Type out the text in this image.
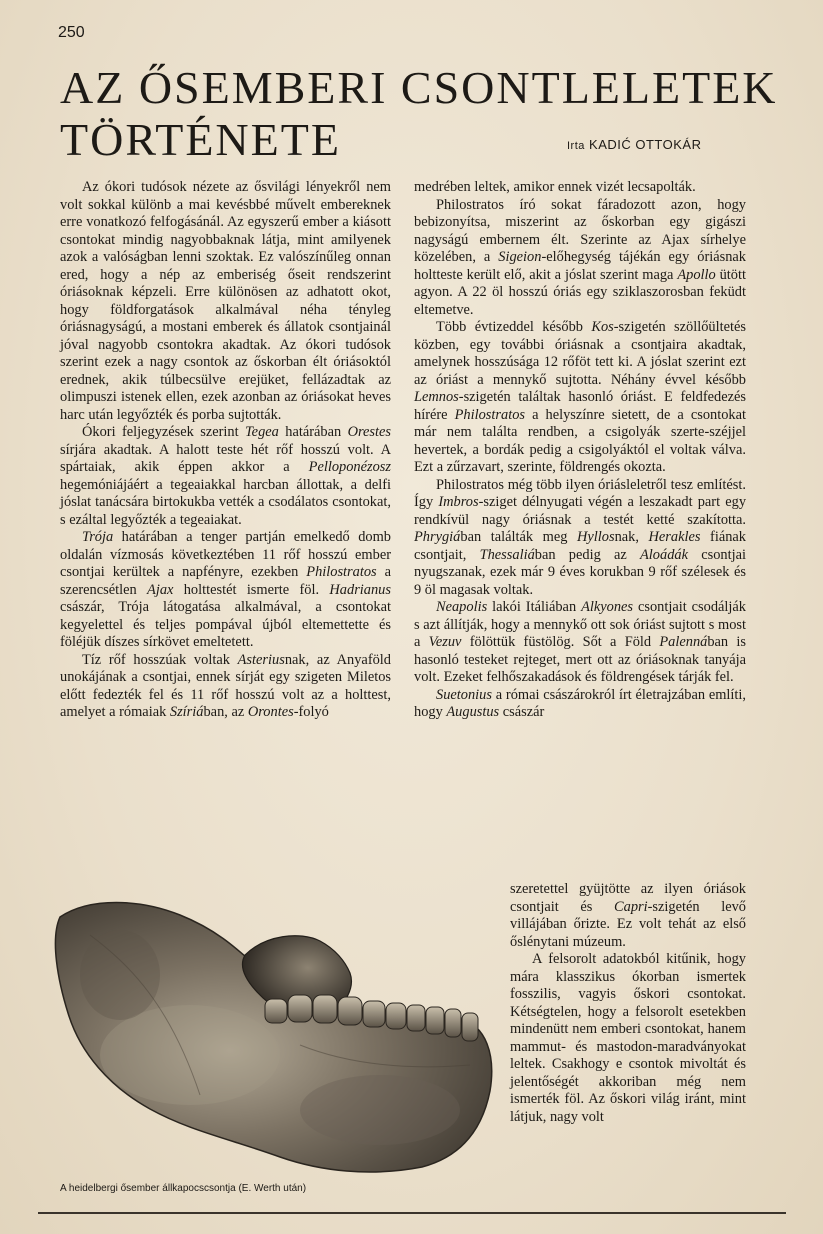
250
AZ ŐSEMBERI CSONTLELETEK
TÖRTÉNETE	Irta KADIĆ OTTOKÁR

Az ókori tudósok nézete az ősvilági lényekről nem volt sokkal különb a mai kevésbbé művelt embereknek erre vonatkozó felfogásánál. Az egyszerű ember a kiásott csontokat mindig nagyobbaknak látja, mint amilyenek azok a valóságban lenni szoktak. Ez valószínűleg onnan ered, hogy a nép az emberiség őseit rendszerint óriásoknak képzeli. Erre különösen az adhatott okot, hogy földforgatások alkalmával néha tényleg óriásnagyságú, a mostani emberek és állatok csontjainál jóval nagyobb csontokra akadtak. Az ókori tudósok szerint ezek a nagy csontok az őskorban élt óriásoktól erednek, akik túlbecsülve erejüket, fellázadtak az olimpuszi istenek ellen, ezek azonban az óriásokat heves harc után legyőzték és porba sujtották.

Ókori feljegyzések szerint Tegea határában Orestes sírjára akadtak. A halott teste hét rőf hosszú volt. A spártaiak, akik éppen akkor a Pelloponézosz hegemóniájáért a tegeaiakkal harcban állottak, a delfi jóslat tanácsára birtokukba vették a csodálatos csontokat, s ezáltal legyőzték a tegeaiakat.

Trója határában a tenger partján emelkedő domb oldalán vízmosás következtében 11 rőf hosszú ember csontjai kerültek a napfényre, ezekben Philostratos a szerencsétlen Ajax holttestét ismerte föl. Hadrianus császár, Trója látogatása alkalmával, a csontokat kegyelettel és teljes pompával újból eltemettette és föléjük díszes sírkövet emeltetett.

Tíz rőf hosszúak voltak Asteriusnak, az Anyaföld unokájának a csontjai, ennek sírját egy szigeten Miletos előtt fedezték fel és 11 rőf hosszú volt az a holttest, amelyet a rómaiak Szíriában, az Orontes-folyó

medrében leltek, amikor ennek vizét lecsapolták.

Philostratos író sokat fáradozott azon, hogy bebizonyítsa, miszerint az őskorban egy gigászi nagyságú embernem élt. Szerinte az Ajax sírhelye közelében, a Sigeion-előhegység tájékán egy óriásnak holtteste került elő, akit a jóslat szerint maga Apollo ütött agyon. A 22 öl hosszú óriás egy sziklaszorosban feküdt eltemetve.

Több évtizeddel később Kos-szigetén szöllőültetés közben, egy további óriásnak a csontjaira akadtak, amelynek hosszúsága 12 rőföt tett ki. A jóslat szerint ezt az óriást a mennykő sujtotta. Néhány évvel később Lemnos-szigetén találtak hasonló óriást. E feldfedezés hírére Philostratos a helyszínre sietett, de a csontokat már nem találta rendben, a csigolyák szerte-széjjel hevertek, a bordák pedig a csigolyáktól el voltak válva. Ezt a zűrzavart, szerinte, földrengés okozta.

Philostratos még több ilyen óriásleletről tesz említést. Így Imbros-sziget délnyugati végén a leszakadt part egy rendkívül nagy óriásnak a testét ketté szakította. Phrygiában találták meg Hyllosnak, Herakles fiának csontjait, Thessaliában pedig az Aloádák csontjai nyugszanak, ezek már 9 éves korukban 9 rőf szélesek és 9 öl magasak voltak.

Neapolis lakói Itáliában Alkyones csontjait csodálják s azt állítják, hogy a mennykő ott sok óriást sujtott s most a Vezuv fölöttük füstölög. Sőt a Föld Palennában is hasonló testeket rejteget, mert ott az óriásoknak tanyája volt. Ezeket felhőszakadások és földrengések tárják fel.

Suetonius a római császárokról írt életrajzában említi, hogy Augustus császár

szeretettel gyüjtötte az ilyen óriások csontjait és Capri-szigetén levő villájában őrizte. Ez volt tehát az első őslénytani múzeum.

A felsorolt adatokból kitűnik, hogy mára klasszikus ókorban ismertek fosszilis, vagyis őskori csontokat. Kétségtelen, hogy a felsorolt esetekben mindenütt nem emberi csontokat, hanem mammut- és mastodon-maradványokat leltek. Csakhogy e csontok mivoltát és jelentőségét akkoriban még nem ismerték föl. Az őskori világ iránt, mint látjuk, nagy volt

A heidelbergi ősember állkapocscsontja (E. Werth után)
